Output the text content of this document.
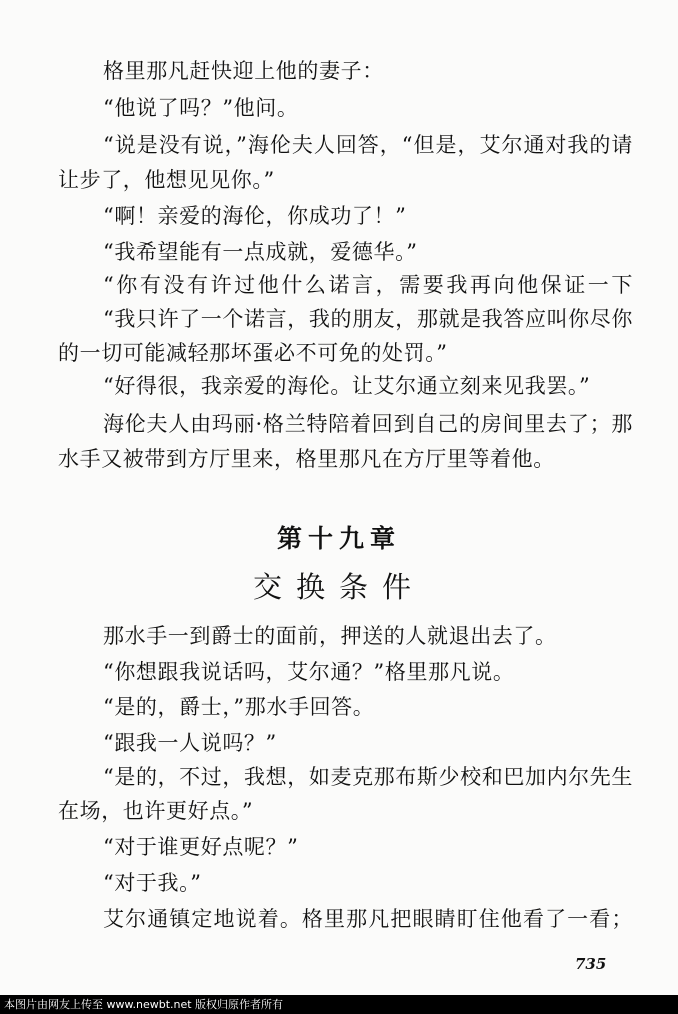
格里那凡赶快迎上他的妻子：
“他说了吗？”他问。
“说是没有说，”海伦夫人回答，“但是，艾尔通对我的请
让步了，他想见见你。”
“啊！亲爱的海伦，你成功了！”
“我希望能有一点成就，爱德华。”
“你有没有许过他什么诺言，需要我再向他保证一下
“我只许了一个诺言，我的朋友，那就是我答应叫你尽你
的一切可能减轻那坏蛋必不可免的处罚。”
“好得很，我亲爱的海伦。让艾尔通立刻来见我罢。”
海伦夫人由玛丽·格兰特陪着回到自己的房间里去了；那
水手又被带到方厅里来，格里那凡在方厅里等着他。
第十九章
交换条件
那水手一到爵士的面前，押送的人就退出去了。
“你想跟我说话吗，艾尔通？”格里那凡说。
“是的，爵士，”那水手回答。
“跟我一人说吗？”
“是的，不过，我想，如麦克那布斯少校和巴加内尔先生
在场，也许更好点。”
“对于谁更好点呢？”
“对于我。”
艾尔通镇定地说着。格里那凡把眼睛盯住他看了一看；
735
本图片由网友上传至 www.newbt.net 版权归原作者所有
